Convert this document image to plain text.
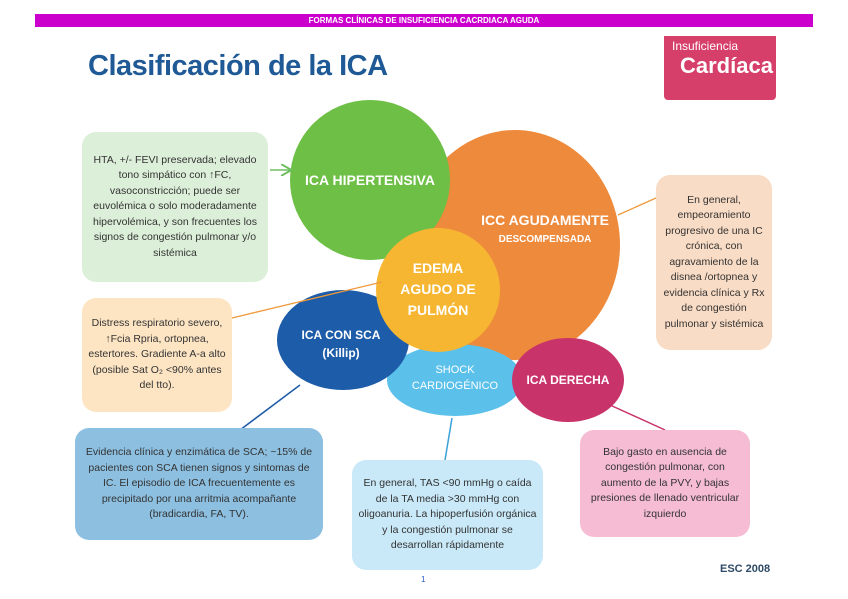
FORMAS CLÍNICAS DE INSUFICIENCIA CACRDIACA AGUDA
Clasificación de la ICA
Insuficiencia
Cardíaca
ICA HIPERTENSIVA
ICC AGUDAMENTE
DESCOMPENSADA
EDEMA AGUDO DE PULMÓN
ICA CON SCA (Killip)
SHOCK CARDIOGÉNICO	ICA DERECHA
HTA, +/- FEVI preservada; elevado tono simpático con ↑FC, vasoconstricción; puede ser euvolémica o solo moderadamente hipervolémica, y son frecuentes los signos de congestión pulmonar y/o sistémica
Distress respiratorio severo, ↑Fcia Rpria, ortopnea, estertores. Gradiente A-a alto (posible Sat O₂ <90% antes del tto).
En general, empeoramiento progresivo de una IC crónica, con agravamiento de la disnea /ortopnea y evidencia clínica y Rx de congestión pulmonar y sistémica
Evidencia clínica y enzimática de SCA; ~15% de pacientes con SCA tienen signos y sintomas de IC. El episodio de ICA frecuentemente es precipitado por una arritmia acompañante (bradicardia, FA, TV).
En general, TAS <90 mmHg o caída de la TA media >30 mmHg con oligoanuria. La hipoperfusión orgánica y la congestión pulmonar se desarrollan rápidamente
Bajo gasto en ausencia de congestión pulmonar, con aumento de la PVY, y bajas presiones de llenado ventricular izquierdo
ESC 2008
1
